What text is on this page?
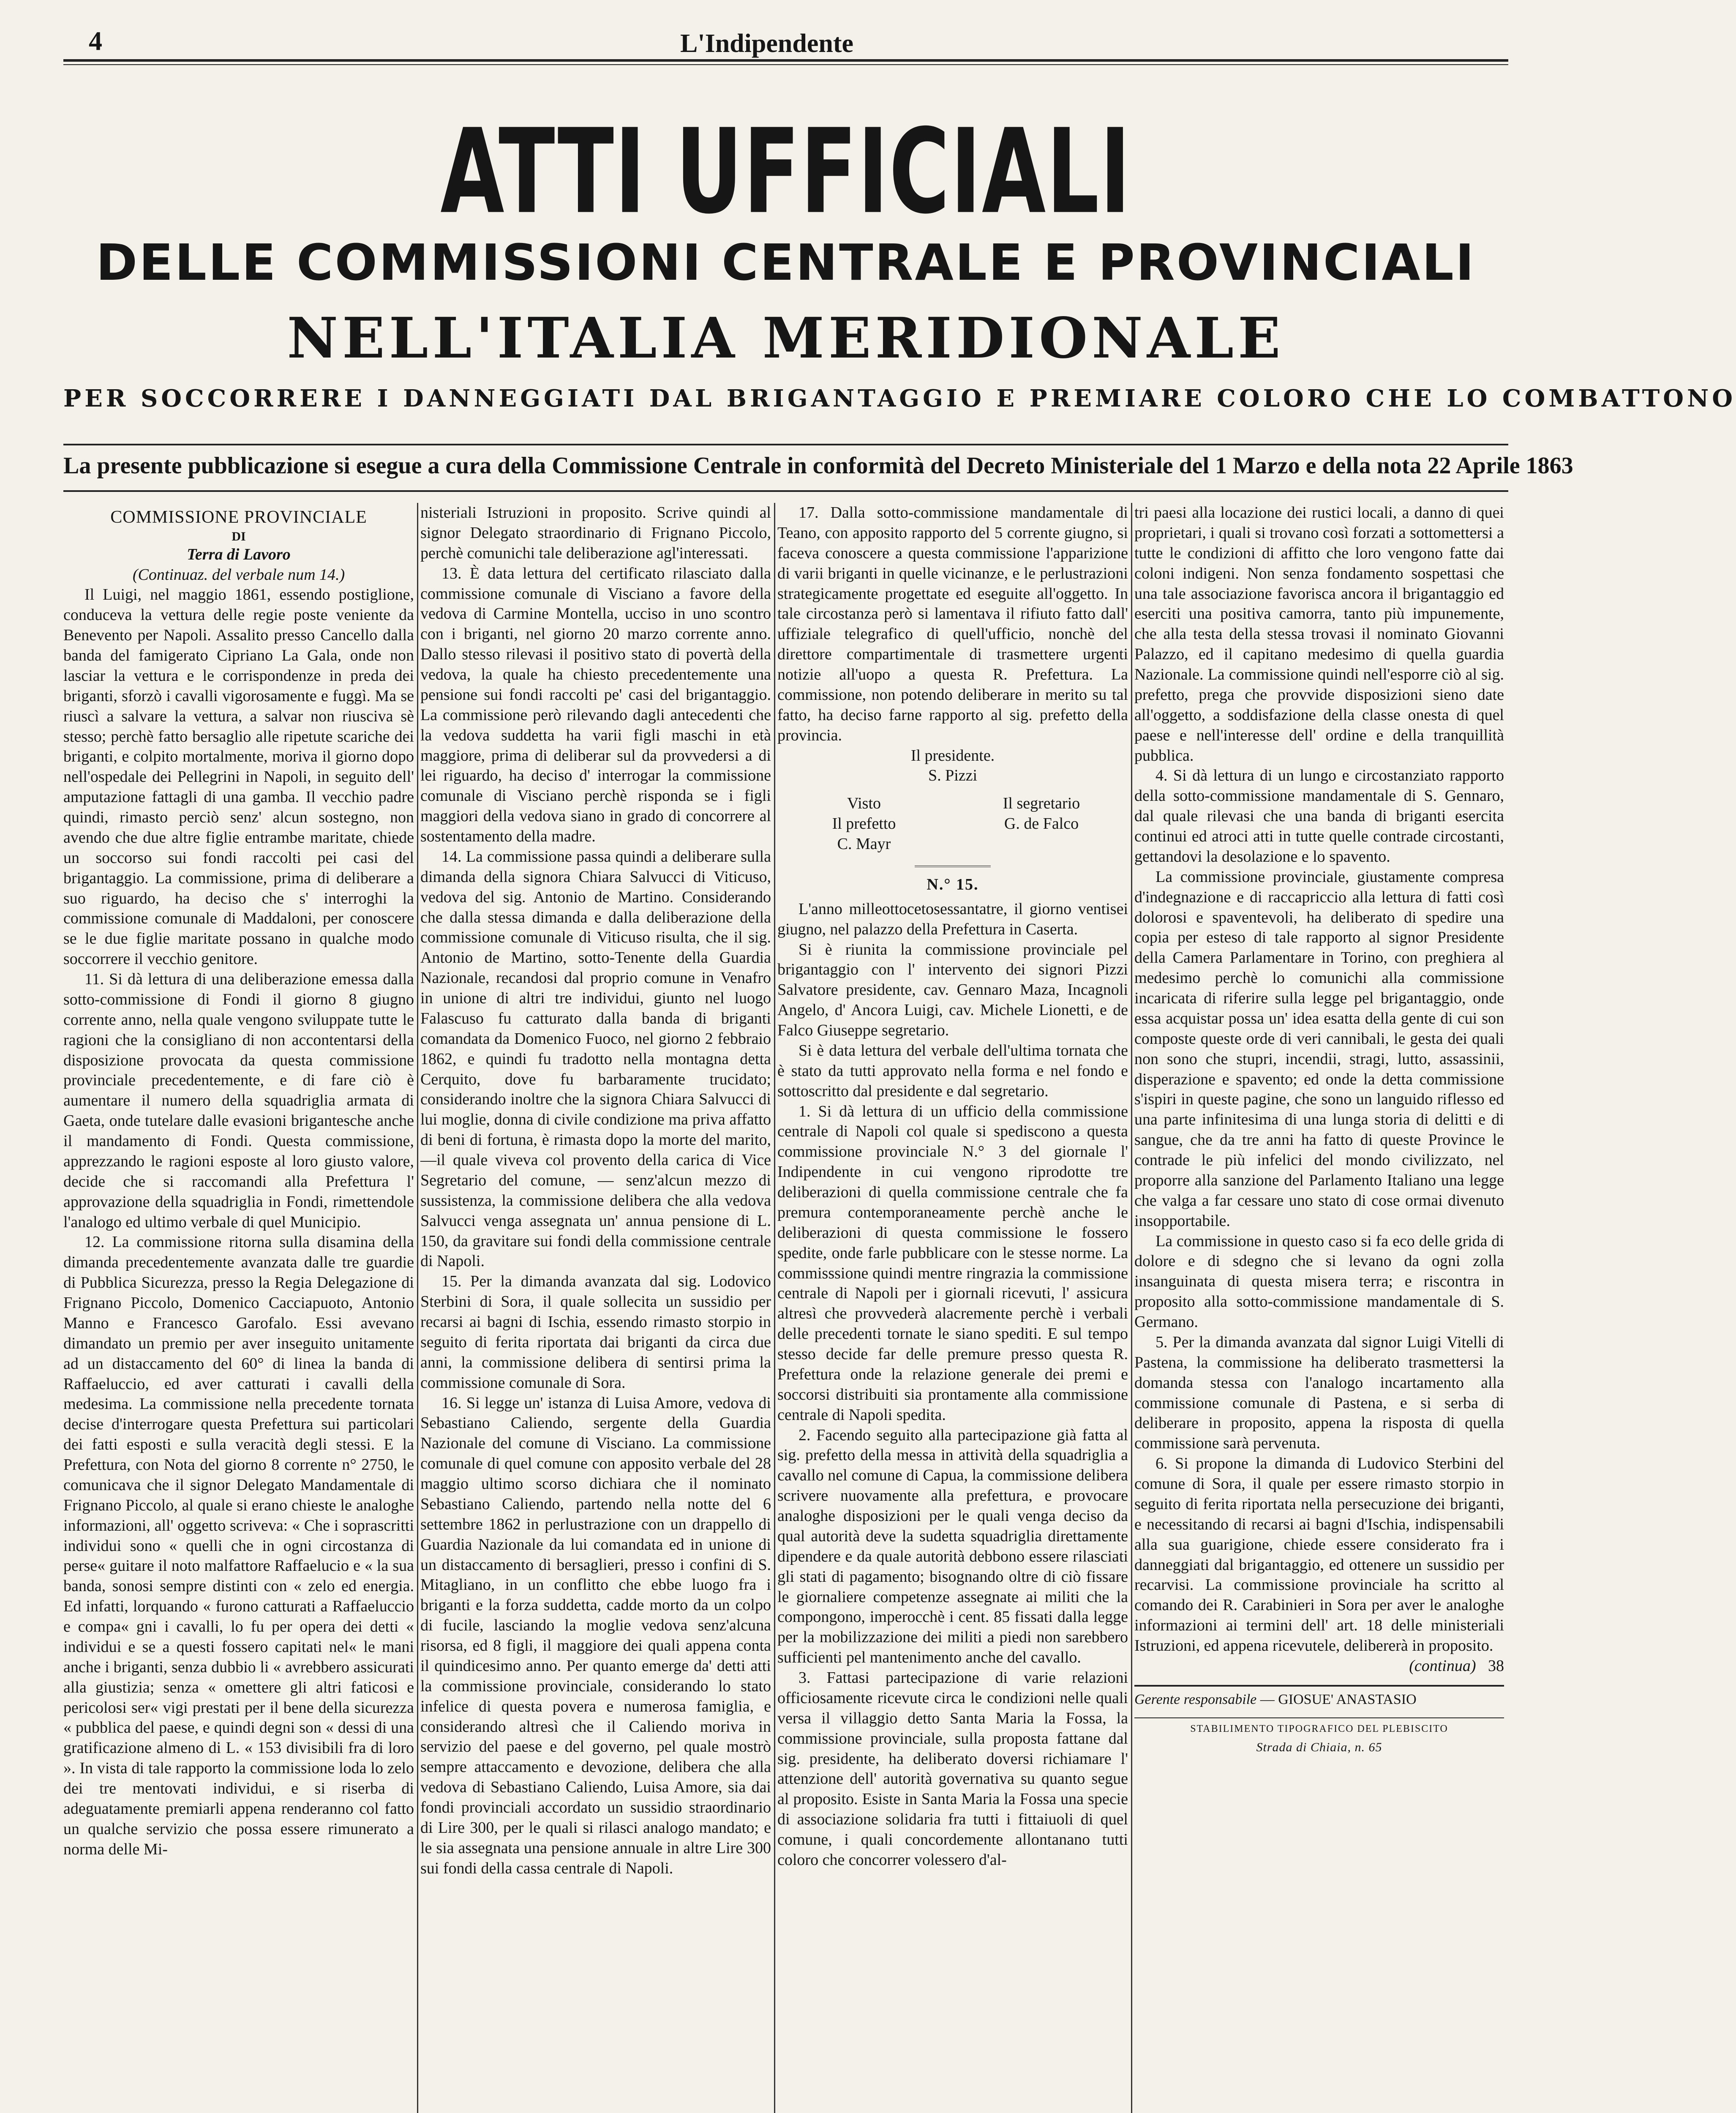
4	L'Indipendente
ATTI UFFICIALI
DELLE COMMISSIONI CENTRALE E PROVINCIALI
NELL'ITALIA MERIDIONALE
PER SOCCORRERE I DANNEGGIATI DAL BRIGANTAGGIO E PREMIARE COLORO CHE LO COMBATTONO
La presente pubblicazione si esegue a cura della Commissione Centrale in conformità del Decreto Ministeriale del 1 Marzo e della nota 22 Aprile 1863

COMMISSIONE PROVINCIALE

DI

Terra di Lavoro

(Continuaz. del verbale num 14.)

Il Luigi, nel maggio 1861, essendo postiglione, conduceva la vettura delle regie poste veniente da Benevento per Napoli. Assalito presso Cancello dalla banda del famigerato Cipriano La Gala, onde non lasciar la vettura e le corrispondenze in preda dei briganti, sforzò i cavalli vigorosamente e fuggì. Ma se riuscì a salvare la vettura, a salvar non riusciva sè stesso; perchè fatto bersaglio alle ripetute scariche dei briganti, e colpito mortalmente, moriva il giorno dopo nell'ospedale dei Pellegrini in Napoli, in seguito dell' amputazione fattagli di una gamba. Il vecchio padre quindi, rimasto perciò senz' alcun sostegno, non avendo che due altre figlie entrambe maritate, chiede un soccorso sui fondi raccolti pei casi del brigantaggio. La commissione, prima di deliberare a suo riguardo, ha deciso che s' interroghi la commissione comunale di Maddaloni, per conoscere se le due figlie maritate possano in qualche modo soccorrere il vecchio genitore.

11. Si dà lettura di una deliberazione emessa dalla sotto-commissione di Fondi il giorno 8 giugno corrente anno, nella quale vengono sviluppate tutte le ragioni che la consigliano di non accontentarsi della disposizione provocata da questa commissione provinciale precedentemente, e di fare ciò è aumentare il numero della squadriglia armata di Gaeta, onde tutelare dalle evasioni brigantesche anche il mandamento di Fondi. Questa commissione, apprezzando le ragioni esposte al loro giusto valore, decide che si raccomandi alla Prefettura l' approvazione della squadriglia in Fondi, rimettendole l'analogo ed ultimo verbale di quel Municipio.

12. La commissione ritorna sulla disamina della dimanda precedentemente avanzata dalle tre guardie di Pubblica Sicurezza, presso la Regia Delegazione di Frignano Piccolo, Domenico Cacciapuoto, Antonio Manno e Francesco Garofalo. Essi avevano dimandato un premio per aver inseguito unitamente ad un distaccamento del 60° di linea la banda di Raffaeluccio, ed aver catturati i cavalli della medesima. La commissione nella precedente tornata decise d'interrogare questa Prefettura sui particolari dei fatti esposti e sulla veracità degli stessi. E la Prefettura, con Nota del giorno 8 corrente n° 2750, le comunicava che il signor Delegato Mandamentale di Frignano Piccolo, al quale si erano chieste le analoghe informazioni, all' oggetto scriveva: « Che i soprascritti individui sono « quelli che in ogni circostanza di perse« guitare il noto malfattore Raffaelucio e « la sua banda, sonosi sempre distinti con « zelo ed energia. Ed infatti, lorquando « furono catturati a Raffaeluccio e compa« gni i cavalli, lo fu per opera dei detti « individui e se a questi fossero capitati nel« le mani anche i briganti, senza dubbio li « avrebbero assicurati alla giustizia; senza « omettere gli altri faticosi e pericolosi ser« vigi prestati per il bene della sicurezza « pubblica del paese, e quindi degni son « dessi di una gratificazione almeno di L. « 153 divisibili fra di loro ». In vista di tale rapporto la commissione loda lo zelo dei tre mentovati individui, e si riserba di adeguatamente premiarli appena renderanno col fatto un qualche servizio che possa essere rimunerato a norma delle Mi-

nisteriali Istruzioni in proposito. Scrive quindi al signor Delegato straordinario di Frignano Piccolo, perchè comunichi tale deliberazione agl'interessati.

13. È data lettura del certificato rilasciato dalla commissione comunale di Visciano a favore della vedova di Carmine Montella, ucciso in uno scontro con i briganti, nel giorno 20 marzo corrente anno. Dallo stesso rilevasi il positivo stato di povertà della vedova, la quale ha chiesto precedentemente una pensione sui fondi raccolti pe' casi del brigantaggio. La commissione però rilevando dagli antecedenti che la vedova suddetta ha varii figli maschi in età maggiore, prima di deliberar sul da provvedersi a di lei riguardo, ha deciso d' interrogar la commissione comunale di Visciano perchè risponda se i figli maggiori della vedova siano in grado di concorrere al sostentamento della madre.

14. La commissione passa quindi a deliberare sulla dimanda della signora Chiara Salvucci di Viticuso, vedova del sig. Antonio de Martino. Considerando che dalla stessa dimanda e dalla deliberazione della commissione comunale di Viticuso risulta, che il sig. Antonio de Martino, sotto-Tenente della Guardia Nazionale, recandosi dal proprio comune in Venafro in unione di altri tre individui, giunto nel luogo Falascuso fu catturato dalla banda di briganti comandata da Domenico Fuoco, nel giorno 2 febbraio 1862, e quindi fu tradotto nella montagna detta Cerquito, dove fu barbaramente trucidato; considerando inoltre che la signora Chiara Salvucci di lui moglie, donna di civile condizione ma priva affatto di beni di fortuna, è rimasta dopo la morte del marito, —il quale viveva col provento della carica di Vice Segretario del comune, — senz'alcun mezzo di sussistenza, la commissione delibera che alla vedova Salvucci venga assegnata un' annua pensione di L. 150, da gravitare sui fondi della commissione centrale di Napoli.

15. Per la dimanda avanzata dal sig. Lodovico Sterbini di Sora, il quale sollecita un sussidio per recarsi ai bagni di Ischia, essendo rimasto storpio in seguito di ferita riportata dai briganti da circa due anni, la commissione delibera di sentirsi prima la commissione comunale di Sora.

16. Si legge un' istanza di Luisa Amore, vedova di Sebastiano Caliendo, sergente della Guardia Nazionale del comune di Visciano. La commissione comunale di quel comune con apposito verbale del 28 maggio ultimo scorso dichiara che il nominato Sebastiano Caliendo, partendo nella notte del 6 settembre 1862 in perlustrazione con un drappello di Guardia Nazionale da lui comandata ed in unione di un distaccamento di bersaglieri, presso i confini di S. Mitagliano, in un conflitto che ebbe luogo fra i briganti e la forza suddetta, cadde morto da un colpo di fucile, lasciando la moglie vedova senz'alcuna risorsa, ed 8 figli, il maggiore dei quali appena conta il quindicesimo anno. Per quanto emerge da' detti atti la commissione provinciale, considerando lo stato infelice di questa povera e numerosa famiglia, e considerando altresì che il Caliendo moriva in servizio del paese e del governo, pel quale mostrò sempre attaccamento e devozione, delibera che alla vedova di Sebastiano Caliendo, Luisa Amore, sia dai fondi provinciali accordato un sussidio straordinario di Lire 300, per le quali si rilasci analogo mandato; e le sia assegnata una pensione annuale in altre Lire 300 sui fondi della cassa centrale di Napoli.

17. Dalla sotto-commissione mandamentale di Teano, con apposito rapporto del 5 corrente giugno, si faceva conoscere a questa commissione l'apparizione di varii briganti in quelle vicinanze, e le perlustrazioni strategicamente progettate ed eseguite all'oggetto. In tale circostanza però si lamentava il rifiuto fatto dall' uffiziale telegrafico di quell'ufficio, nonchè del direttore compartimentale di trasmettere urgenti notizie all'uopo a questa R. Prefettura. La commissione, non potendo deliberare in merito su tal fatto, ha deciso farne rapporto al sig. prefetto della provincia.

Il presidente.

S. Pizzi

Visto	Il segretario
Il prefetto	G. de Falco
C. Mayr

N.° 15.

L'anno milleottocetosessantatre, il giorno ventisei giugno, nel palazzo della Prefettura in Caserta.

Si è riunita la commissione provinciale pel brigantaggio con l' intervento dei signori Pizzi Salvatore presidente, cav. Gennaro Maza, Incagnoli Angelo, d' Ancora Luigi, cav. Michele Lionetti, e de Falco Giuseppe segretario.

Si è data lettura del verbale dell'ultima tornata che è stato da tutti approvato nella forma e nel fondo e sottoscritto dal presidente e dal segretario.

1. Si dà lettura di un ufficio della commissione centrale di Napoli col quale si spediscono a questa commissione provinciale N.° 3 del giornale l' Indipendente in cui vengono riprodotte tre deliberazioni di quella commissione centrale che fa premura contemporaneamente perchè anche le deliberazioni di questa commissione le fossero spedite, onde farle pubblicare con le stesse norme. La commisssione quindi mentre ringrazia la commissione centrale di Napoli per i giornali ricevuti, l' assicura altresì che provvederà alacremente perchè i verbali delle precedenti tornate le siano spediti. E sul tempo stesso decide far delle premure presso questa R. Prefettura onde la relazione generale dei premi e soccorsi distribuiti sia prontamente alla commissione centrale di Napoli spedita.

2. Facendo seguito alla partecipazione già fatta al sig. prefetto della messa in attività della squadriglia a cavallo nel comune di Capua, la commissione delibera scrivere nuovamente alla prefettura, e provocare analoghe disposizioni per le quali venga deciso da qual autorità deve la sudetta squadriglia direttamente dipendere e da quale autorità debbono essere rilasciati gli stati di pagamento; bisognando oltre di ciò fissare le giornaliere competenze assegnate ai militi che la compongono, imperocchè i cent. 85 fissati dalla legge per la mobilizzazione dei militi a piedi non sarebbero sufficienti pel mantenimento anche del cavallo.

3. Fattasi partecipazione di varie relazioni officiosamente ricevute circa le condizioni nelle quali versa il villaggio detto Santa Maria la Fossa, la commissione provinciale, sulla proposta fattane dal sig. presidente, ha deliberato doversi richiamare l' attenzione dell' autorità governativa su quanto segue al proposito. Esiste in Santa Maria la Fossa una specie di associazione solidaria fra tutti i fittaiuoli di quel comune, i quali concordemente allontanano tutti coloro che concorrer volessero d'al-

tri paesi alla locazione dei rustici locali, a danno di quei proprietari, i quali si trovano così forzati a sottomettersi a tutte le condizioni di affitto che loro vengono fatte dai coloni indigeni. Non senza fondamento sospettasi che una tale associazione favorisca ancora il brigantaggio ed eserciti una positiva camorra, tanto più impunemente, che alla testa della stessa trovasi il nominato Giovanni Palazzo, ed il capitano medesimo di quella guardia Nazionale. La commissione quindi nell'esporre ciò al sig. prefetto, prega che provvide disposizioni sieno date all'oggetto, a soddisfazione della classe onesta di quel paese e nell'interesse dell' ordine e della tranquillità pubblica.

4. Si dà lettura di un lungo e circostanziato rapporto della sotto-commissione mandamentale di S. Gennaro, dal quale rilevasi che una banda di briganti esercita continui ed atroci atti in tutte quelle contrade circostanti, gettandovi la desolazione e lo spavento.

La commissione provinciale, giustamente compresa d'indegnazione e di raccapriccio alla lettura di fatti così dolorosi e spaventevoli, ha deliberato di spedire una copia per esteso di tale rapporto al signor Presidente della Camera Parlamentare in Torino, con preghiera al medesimo perchè lo comunichi alla commissione incaricata di riferire sulla legge pel brigantaggio, onde essa acquistar possa un' idea esatta della gente di cui son composte queste orde di veri cannibali, le gesta dei quali non sono che stupri, incendii, stragi, lutto, assassinii, disperazione e spavento; ed onde la detta commissione s'ispiri in queste pagine, che sono un languido riflesso ed una parte infinitesima di una lunga storia di delitti e di sangue, che da tre anni ha fatto di queste Province le contrade le più infelici del mondo civilizzato, nel proporre alla sanzione del Parlamento Italiano una legge che valga a far cessare uno stato di cose ormai divenuto insopportabile.

La commissione in questo caso si fa eco delle grida di dolore e di sdegno che si levano da ogni zolla insanguinata di questa misera terra; e riscontra in proposito alla sotto-commissione mandamentale di S. Germano.

5. Per la dimanda avanzata dal signor Luigi Vitelli di Pastena, la commissione ha deliberato trasmettersi la domanda stessa con l'analogo incartamento alla commissione comunale di Pastena, e si serba di deliberare in proposito, appena la risposta di quella commissione sarà pervenuta.

6. Si propone la dimanda di Ludovico Sterbini del comune di Sora, il quale per essere rimasto storpio in seguito di ferita riportata nella persecuzione dei briganti, e necessitando di recarsi ai bagni d'Ischia, indispensabili alla sua guarigione, chiede essere considerato fra i danneggiati dal brigantaggio, ed ottenere un sussidio per recarvisi. La commissione provinciale ha scritto al comando dei R. Carabinieri in Sora per aver le analoghe informazioni ai termini dell' art. 18 delle ministeriali Istruzioni, ed appena ricevutele, delibererà in proposito.

(continua) 38

Gerente responsabile — GIOSUE' ANASTASIO

STABILIMENTO TIPOGRAFICO DEL PLEBISCITO

Strada di Chiaia, n. 65
